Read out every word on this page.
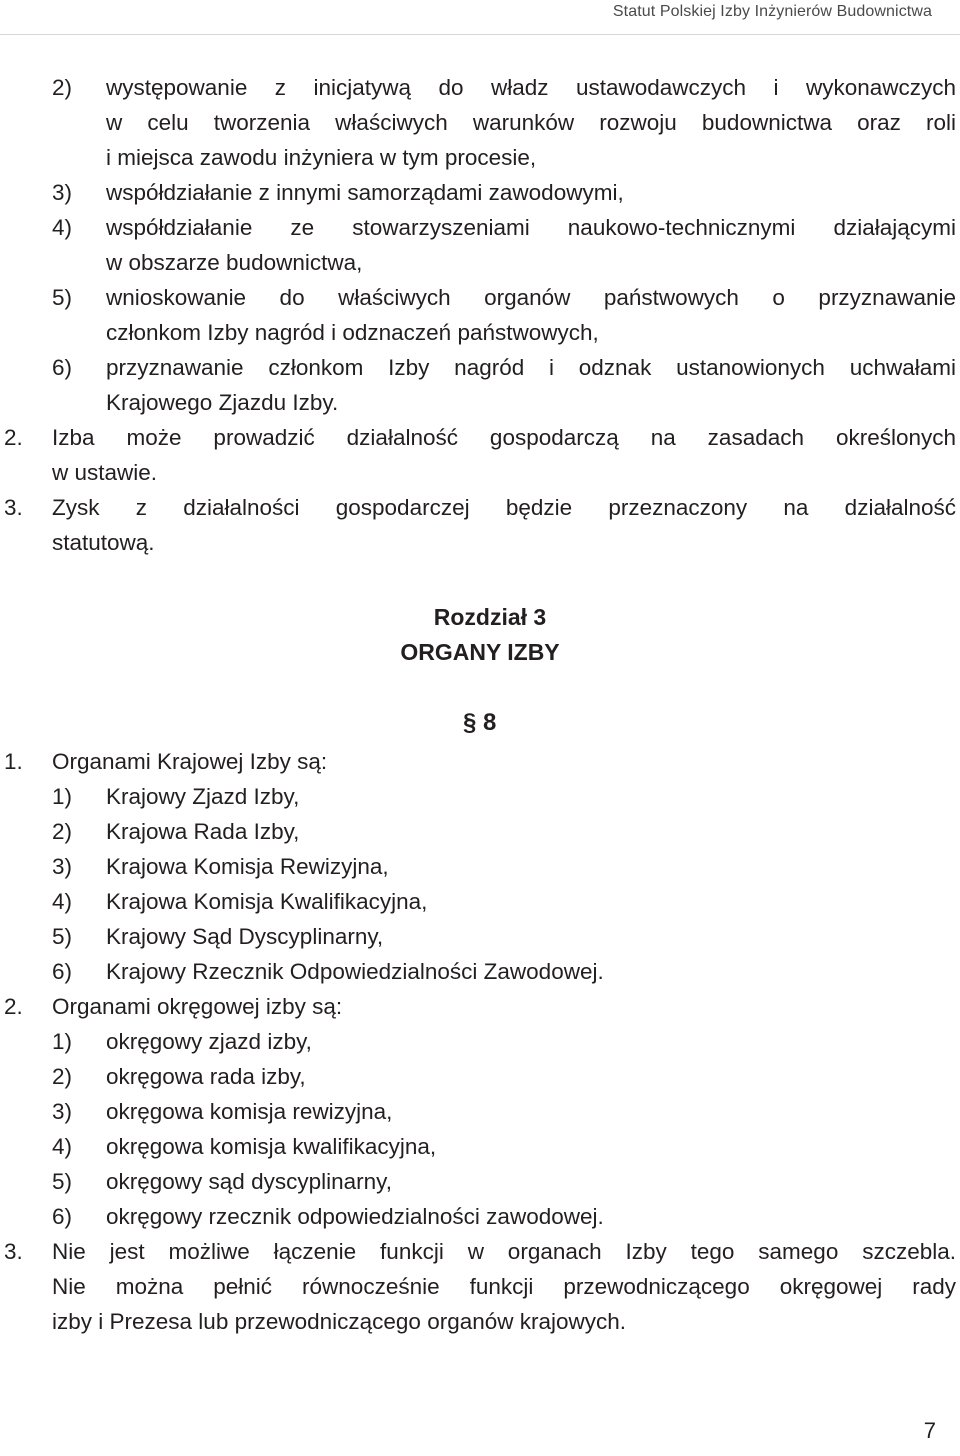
Statut Polskiej Izby Inżynierów Budownictwa
2) występowanie z inicjatywą do władz ustawodawczych i wykonawczych
w celu tworzenia właściwych warunków rozwoju budownictwa oraz roli
i miejsca zawodu inżyniera w tym procesie,
3) współdziałanie z innymi samorządami zawodowymi,
4) współdziałanie ze stowarzyszeniami naukowo-technicznymi działającymi
w obszarze budownictwa,
5) wnioskowanie do właściwych organów państwowych o przyznawanie
członkom Izby nagród i odznaczeń państwowych,
6) przyznawanie członkom Izby nagród i odznak ustanowionych uchwałami
Krajowego Zjazdu Izby.
2. Izba może prowadzić działalność gospodarczą na zasadach określonych
w ustawie.
3. Zysk z działalności gospodarczej będzie przeznaczony na działalność
statutową.
Rozdział 3
ORGANY IZBY
§ 8
1. Organami Krajowej Izby są:
1) Krajowy Zjazd Izby,
2) Krajowa Rada Izby,
3) Krajowa Komisja Rewizyjna,
4) Krajowa Komisja Kwalifikacyjna,
5) Krajowy Sąd Dyscyplinarny,
6) Krajowy Rzecznik Odpowiedzialności Zawodowej.
2. Organami okręgowej izby są:
1) okręgowy zjazd izby,
2) okręgowa rada izby,
3) okręgowa komisja rewizyjna,
4) okręgowa komisja kwalifikacyjna,
5) okręgowy sąd dyscyplinarny,
6) okręgowy rzecznik odpowiedzialności zawodowej.
3. Nie jest możliwe łączenie funkcji w organach Izby tego samego szczebla.
Nie można pełnić równocześnie funkcji przewodniczącego okręgowej rady
izby i Prezesa lub przewodniczącego organów krajowych.
7
